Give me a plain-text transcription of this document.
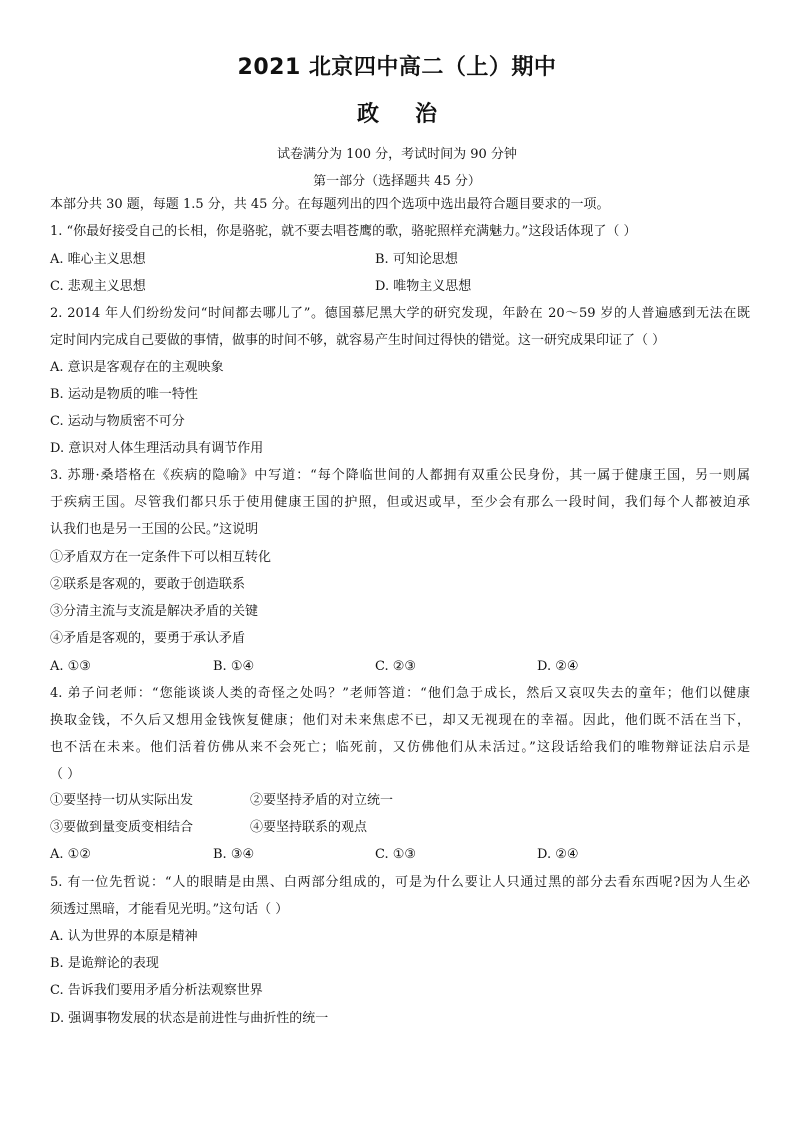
2021 北京四中高二（上）期中
政治
试卷满分为 100 分，考试时间为 90 分钟
第一部分（选择题共 45 分）
本部分共 30 题，每题 1.5 分，共 45 分。在每题列出的四个选项中选出最符合题目要求的一项。
1. “你最好接受自己的长相，你是骆驼，就不要去唱苍鹰的歌，骆驼照样充满魅力。”这段话体现了（ ）
A. 唯心主义思想	B. 可知论思想
C. 悲观主义思想	D. 唯物主义思想
2. 2014 年人们纷纷发问“时间都去哪儿了”。德国慕尼黑大学的研究发现，年龄在 20～59 岁的人普遍感到无法在既
定时间内完成自己要做的事情，做事的时间不够，就容易产生时间过得快的错觉。这一研究成果印证了（ ）
A. 意识是客观存在的主观映象
B. 运动是物质的唯一特性
C. 运动与物质密不可分
D. 意识对人体生理活动具有调节作用
3. 苏珊·桑塔格在《疾病的隐喻》中写道：“每个降临世间的人都拥有双重公民身份，其一属于健康王国，另一则属
于疾病王国。尽管我们都只乐于使用健康王国的护照，但或迟或早，至少会有那么一段时间，我们每个人都被迫承
认我们也是另一王国的公民。”这说明
①矛盾双方在一定条件下可以相互转化
②联系是客观的，要敢于创造联系
③分清主流与支流是解决矛盾的关键
④矛盾是客观的，要勇于承认矛盾
A. ①③	B. ①④	C. ②③	D. ②④
4. 弟子问老师：“您能谈谈人类的奇怪之处吗？”老师答道：“他们急于成长，然后又哀叹失去的童年；他们以健康
换取金钱，不久后又想用金钱恢复健康；他们对未来焦虑不已，却又无视现在的幸福。因此，他们既不活在当下，
也不活在未来。他们活着仿佛从来不会死亡；临死前，又仿佛他们从未活过。”这段话给我们的唯物辩证法启示是
（ ）
①要坚持一切从实际出发	②要坚持矛盾的对立统一
③要做到量变质变相结合	④要坚持联系的观点
A. ①②	B. ③④	C. ①③	D. ②④
5. 有一位先哲说：“人的眼睛是由黑、白两部分组成的，可是为什么要让人只通过黑的部分去看东西呢?因为人生必
须透过黑暗，才能看见光明。”这句话（ ）
A. 认为世界的本原是精神
B. 是诡辩论的表现
C. 告诉我们要用矛盾分析法观察世界
D. 强调事物发展的状态是前进性与曲折性的统一
